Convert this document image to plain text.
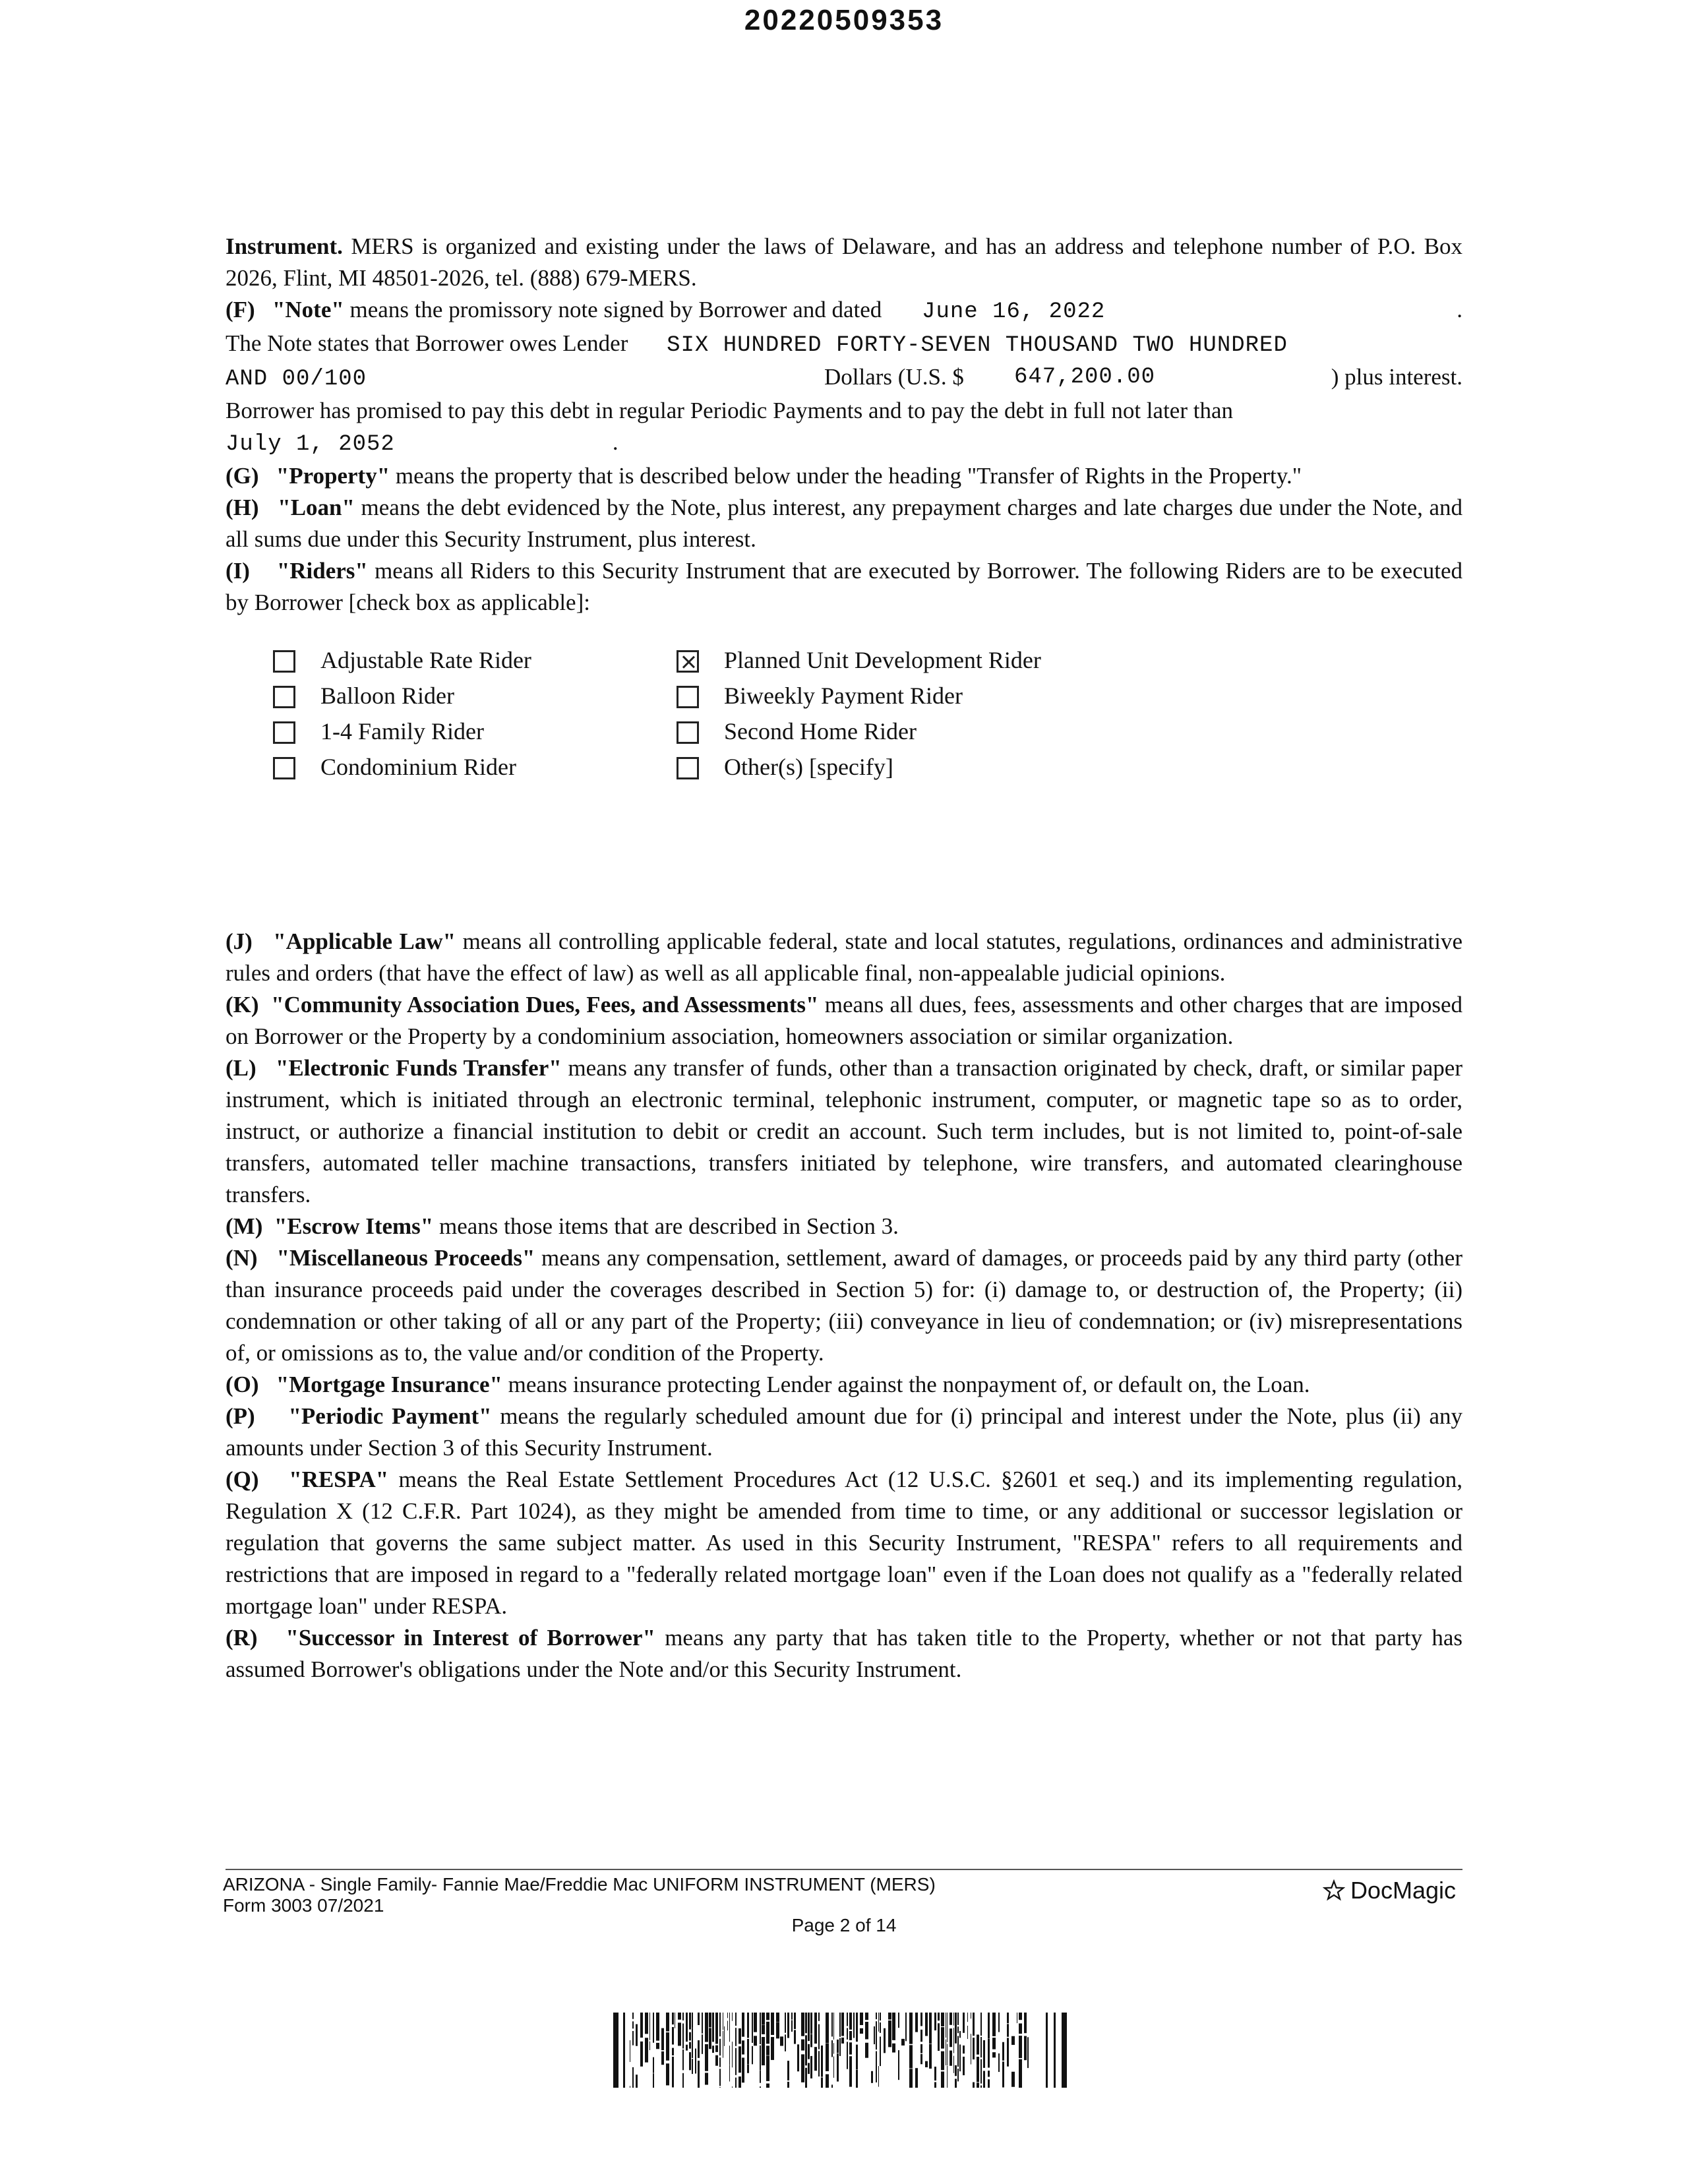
20220509353

Instrument. MERS is organized and existing under the laws of Delaware, and has an address and telephone number of P.O. Box 2026, Flint, MI 48501-2026, tel. (888) 679-MERS.

(F) "Note" means the promissory note signed by Borrower and dated June 16, 2022	.

The Note states that Borrower owes Lender SIX HUNDRED FORTY-SEVEN THOUSAND TWO HUNDRED

AND 00/100	Dollars (U.S. $ 647,200.00	) plus interest.

Borrower has promised to pay this debt in regular Periodic Payments and to pay the debt in full not later than

July 1, 2052	.

(G) "Property" means the property that is described below under the heading "Transfer of Rights in the Property."

(H) "Loan" means the debt evidenced by the Note, plus interest, any prepayment charges and late charges due under the Note, and all sums due under this Security Instrument, plus interest.

(I) "Riders" means all Riders to this Security Instrument that are executed by Borrower. The following Riders are to be executed by Borrower [check box as applicable]:

Adjustable Rate Rider
Balloon Rider
1-4 Family Rider
Condominium Rider
Planned Unit Development Rider
Biweekly Payment Rider
Second Home Rider
Other(s) [specify]

(J) "Applicable Law" means all controlling applicable federal, state and local statutes, regulations, ordinances and administrative rules and orders (that have the effect of law) as well as all applicable final, non-appealable judicial opinions.

(K) "Community Association Dues, Fees, and Assessments" means all dues, fees, assessments and other charges that are imposed on Borrower or the Property by a condominium association, homeowners association or similar organization.

(L) "Electronic Funds Transfer" means any transfer of funds, other than a transaction originated by check, draft, or similar paper instrument, which is initiated through an electronic terminal, telephonic instrument, computer, or magnetic tape so as to order, instruct, or authorize a financial institution to debit or credit an account. Such term includes, but is not limited to, point-of-sale transfers, automated teller machine transactions, transfers initiated by telephone, wire transfers, and automated clearinghouse transfers.

(M) "Escrow Items" means those items that are described in Section 3.

(N) "Miscellaneous Proceeds" means any compensation, settlement, award of damages, or proceeds paid by any third party (other than insurance proceeds paid under the coverages described in Section 5) for: (i) damage to, or destruction of, the Property; (ii) condemnation or other taking of all or any part of the Property; (iii) conveyance in lieu of condemnation; or (iv) misrepresentations of, or omissions as to, the value and/or condition of the Property.

(O) "Mortgage Insurance" means insurance protecting Lender against the nonpayment of, or default on, the Loan.

(P) "Periodic Payment" means the regularly scheduled amount due for (i) principal and interest under the Note, plus (ii) any amounts under Section 3 of this Security Instrument.

(Q) "RESPA" means the Real Estate Settlement Procedures Act (12 U.S.C. §2601 et seq.) and its implementing regulation, Regulation X (12 C.F.R. Part 1024), as they might be amended from time to time, or any additional or successor legislation or regulation that governs the same subject matter. As used in this Security Instrument, "RESPA" refers to all requirements and restrictions that are imposed in regard to a "federally related mortgage loan" even if the Loan does not qualify as a "federally related mortgage loan" under RESPA.

(R) "Successor in Interest of Borrower" means any party that has taken title to the Property, whether or not that party has assumed Borrower's obligations under the Note and/or this Security Instrument.

ARIZONA - Single Family- Fannie Mae/Freddie Mac UNIFORM INSTRUMENT (MERS)
Form 3003 07/2021
DocMagic
Page 2 of 14
